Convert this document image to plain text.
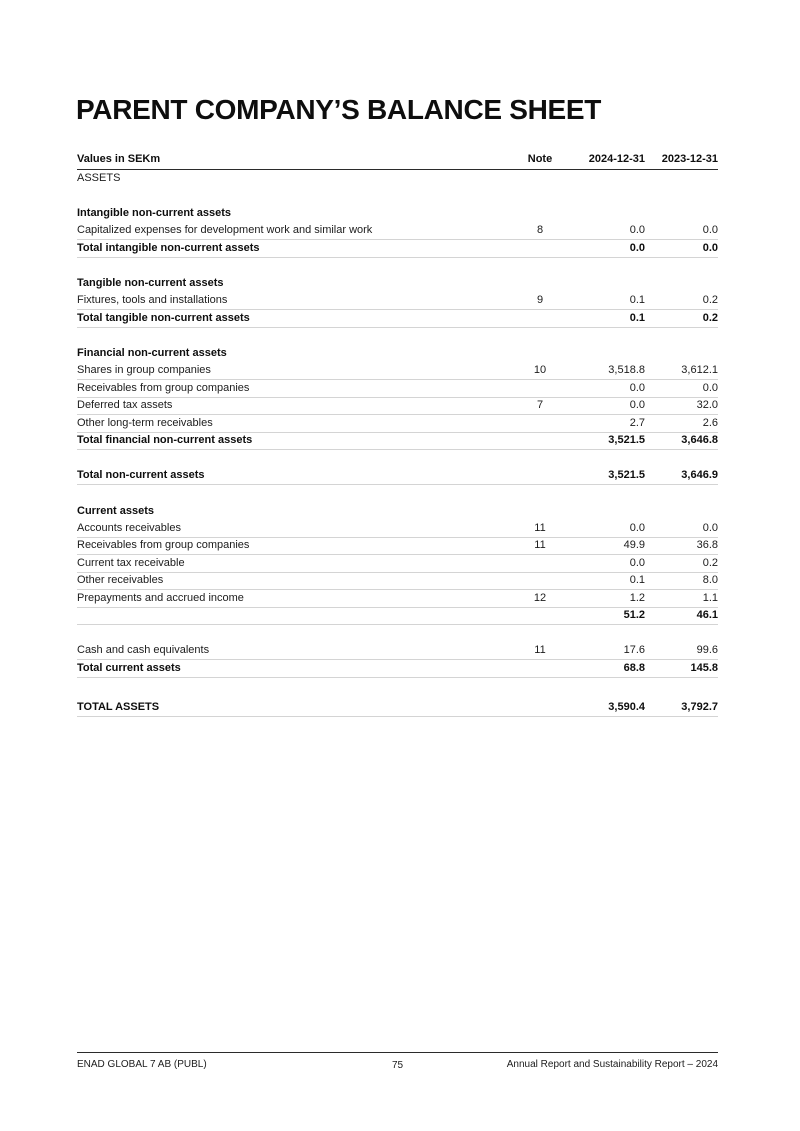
PARENT COMPANY’S BALANCE SHEET
Values in SEKm	Note	2024-12-31	2023-12-31
ASSETS
Intangible non-current assets
Capitalized expenses for development work and similar work	8	0.0	0.0
Total intangible non-current assets	0.0	0.0
Tangible non-current assets
Fixtures, tools and installations	9	0.1	0.2
Total tangible non-current assets	0.1	0.2
Financial non-current assets
Shares in group companies	10	3,518.8	3,612.1
Receivables from group companies	0.0	0.0
Deferred tax assets	7	0.0	32.0
Other long-term receivables	2.7	2.6
Total financial non-current assets	3,521.5	3,646.8
Total non-current assets	3,521.5	3,646.9
Current assets
Accounts receivables	11	0.0	0.0
Receivables from group companies	11	49.9	36.8
Current tax receivable	0.0	0.2
Other receivables	0.1	8.0
Prepayments and accrued income	12	1.2	1.1
51.2	46.1
Cash and cash equivalents	11	17.6	99.6
Total current assets	68.8	145.8
TOTAL ASSETS	3,590.4	3,792.7
ENAD GLOBAL 7 AB (PUBL)	75	Annual Report and Sustainability Report – 2024
